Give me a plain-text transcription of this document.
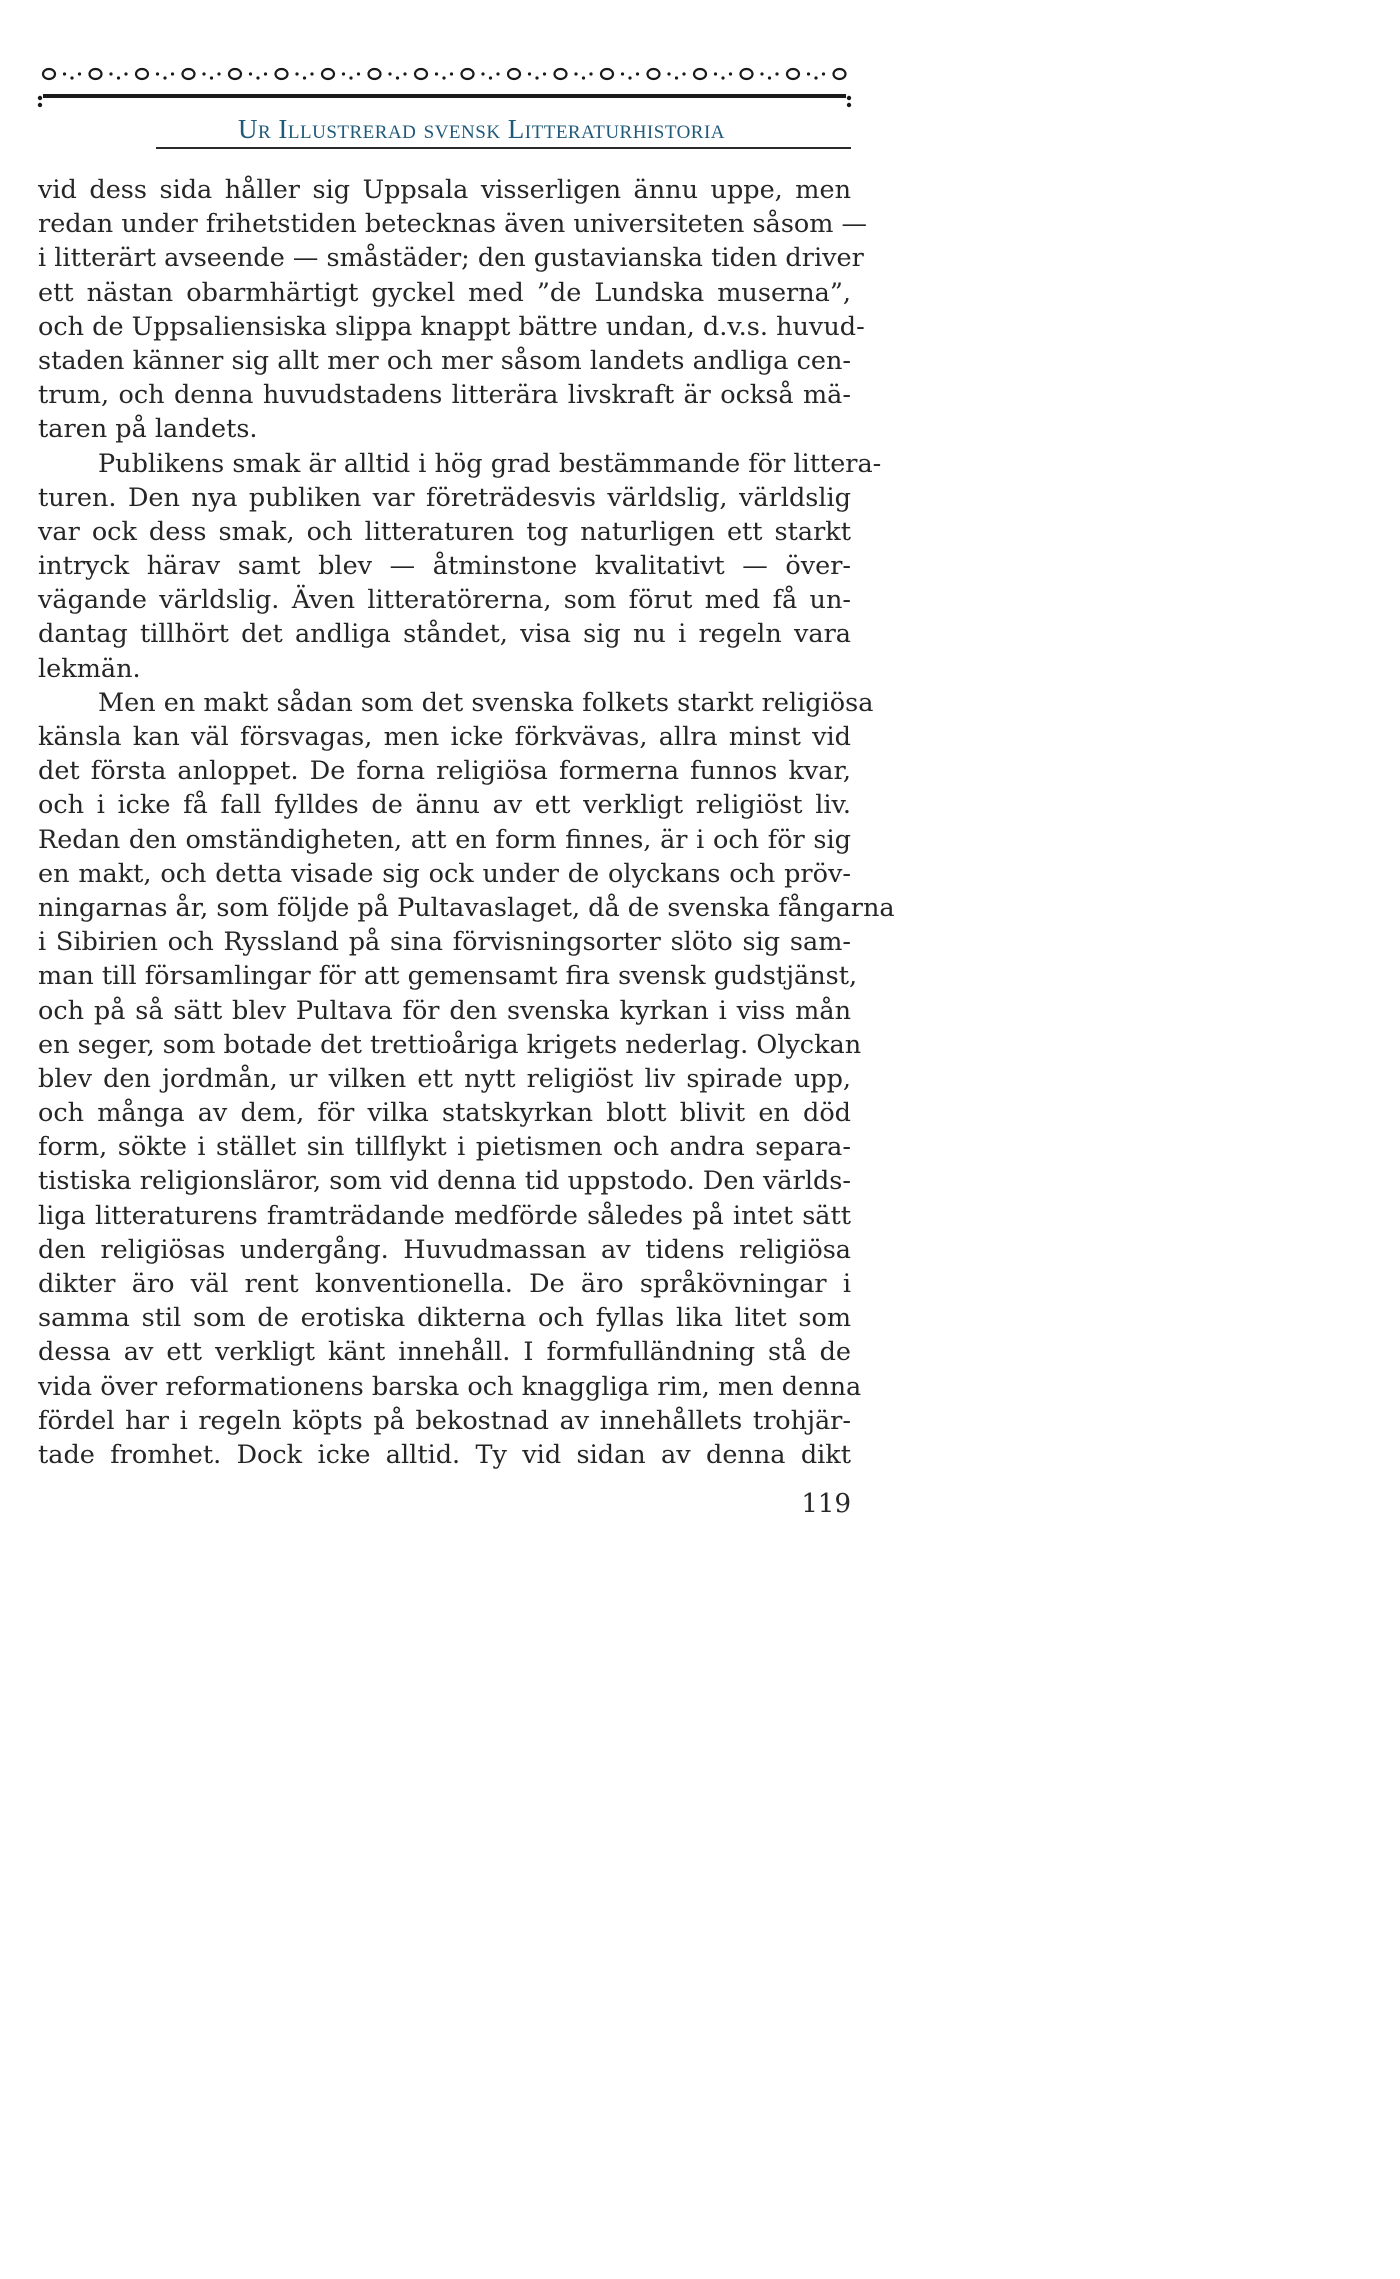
Ur Illustrerad svensk Litteraturhistoria
vid dess sida håller sig Uppsala visserligen ännu uppe, men
redan under frihetstiden betecknas även universiteten såsom —
i litterärt avseende — småstäder; den gustavianska tiden driver
ett nästan obarmhärtigt gyckel med ”de Lundska muserna”,
och de Uppsaliensiska slippa knappt bättre undan, d.v.s. huvud-
staden känner sig allt mer och mer såsom landets andliga cen-
trum, och denna huvudstadens litterära livskraft är också mä-
taren på landets.
Publikens smak är alltid i hög grad bestämmande för littera-
turen. Den nya publiken var företrädesvis världslig, världslig
var ock dess smak, och litteraturen tog naturligen ett starkt
intryck härav samt blev — åtminstone kvalitativt — över-
vägande världslig. Även litteratörerna, som förut med få un-
dantag tillhört det andliga ståndet, visa sig nu i regeln vara
lekmän.
Men en makt sådan som det svenska folkets starkt religiösa
känsla kan väl försvagas, men icke förkvävas, allra minst vid
det första anloppet. De forna religiösa formerna funnos kvar,
och i icke få fall fylldes de ännu av ett verkligt religiöst liv.
Redan den omständigheten, att en form finnes, är i och för sig
en makt, och detta visade sig ock under de olyckans och pröv-
ningarnas år, som följde på Pultavaslaget, då de svenska fångarna
i Sibirien och Ryssland på sina förvisningsorter slöto sig sam-
man till församlingar för att gemensamt fira svensk gudstjänst,
och på så sätt blev Pultava för den svenska kyrkan i viss mån
en seger, som botade det trettioåriga krigets nederlag. Olyckan
blev den jordmån, ur vilken ett nytt religiöst liv spirade upp,
och många av dem, för vilka statskyrkan blott blivit en död
form, sökte i stället sin tillflykt i pietismen och andra separa-
tistiska religionsläror, som vid denna tid uppstodo. Den världs-
liga litteraturens framträdande medförde således på intet sätt
den religiösas undergång. Huvudmassan av tidens religiösa
dikter äro väl rent konventionella. De äro språkövningar i
samma stil som de erotiska dikterna och fyllas lika litet som
dessa av ett verkligt känt innehåll. I formfulländning stå de
vida över reformationens barska och knaggliga rim, men denna
fördel har i regeln köpts på bekostnad av innehållets trohjär-
tade fromhet. Dock icke alltid. Ty vid sidan av denna dikt
119
